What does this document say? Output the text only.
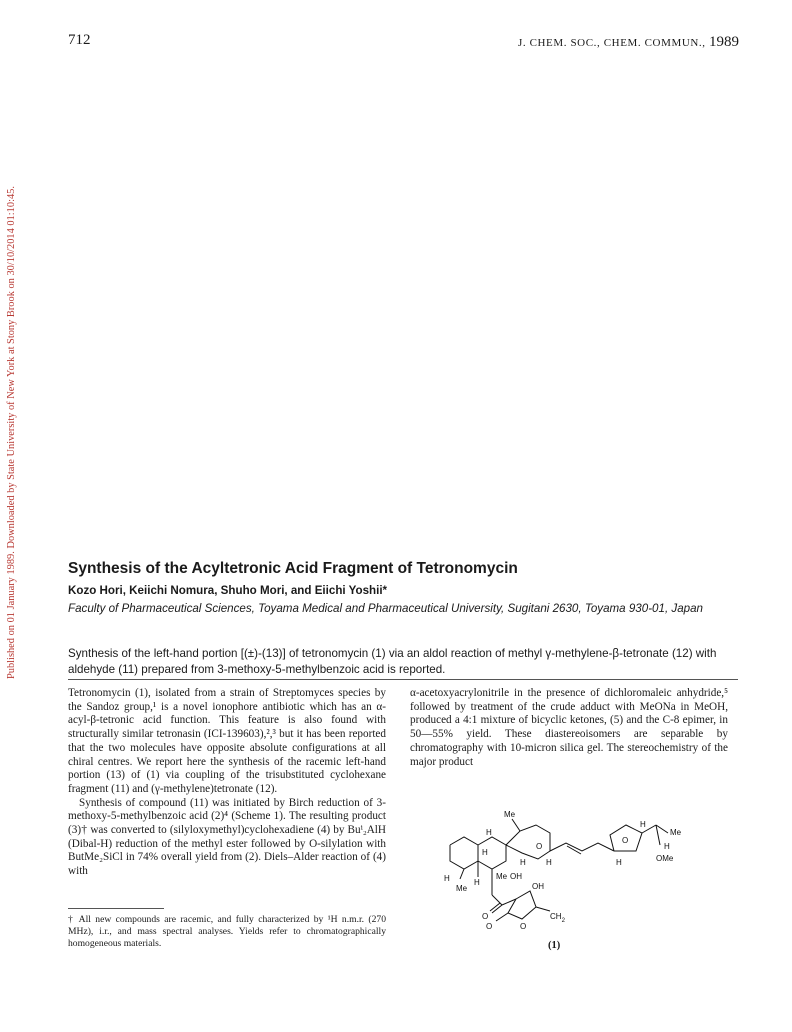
712	J. CHEM. SOC., CHEM. COMMUN., 1989
Published on 01 January 1989. Downloaded by State University of New York at Stony Brook on 30/10/2014 01:10:45.	Synthesis of the Acyltetronic Acid Fragment of Tetronomycin
Kozo Hori, Keiichi Nomura, Shuho Mori, and Eiichi Yoshii*
Faculty of Pharmaceutical Sciences, Toyama Medical and Pharmaceutical University, Sugitani 2630, Toyama 930-01, Japan
Synthesis of the left-hand portion [(±)-(13)] of tetronomycin (1) via an aldol reaction of methyl γ-methylene-β-tetronate (12) with aldehyde (11) prepared from 3-methoxy-5-methylbenzoic acid is reported.

Tetronomycin (1), isolated from a strain of Streptomyces species by the Sandoz group,¹ is a novel ionophore antibiotic which has an α-acyl-β-tetronic acid function. This feature is also found with structurally similar tetronasin (ICI-139603),²,³ but it has been reported that the two molecules have opposite absolute configurations at all chiral centres. We report here the synthesis of the racemic left-hand portion (13) of (1) via coupling of the trisubstituted cyclohexane fragment (11) and (γ-methylene)tetronate (12).

Synthesis of compound (11) was initiated by Birch reduction of 3-methoxy-5-methylbenzoic acid (2)⁴ (Scheme 1). The resulting product (3)† was converted to (silyloxymethyl)cyclohexadiene (4) by Buⁱ₂AlH (Dibal-H) reduction of the methyl ester followed by O-silylation with ButMe₂SiCl in 74% overall yield from (2). Diels–Alder reaction of (4) with

α-acetoxyacrylonitrile in the presence of dichloromaleic anhydride,⁵ followed by treatment of the crude adduct with MeONa in MeOH, produced a 4:1 mixture of bicyclic ketones, (5) and the C-8 epimer, in 50—55% yield. These diastereoisomers are separable by chromatography with 10-micron silica gel. The stereochemistry of the major product

† All new compounds are racemic, and fully characterized by ¹H n.m.r. (270 MHz), i.r., and mass spectral analyses. Yields refer to chromatographically homogeneous materials.

Me
H
O
H	H	H
O
H
Me
H
OMe
H
Me OH
H	H
Me
O
OH
O	O
$CH_2$
(1)
